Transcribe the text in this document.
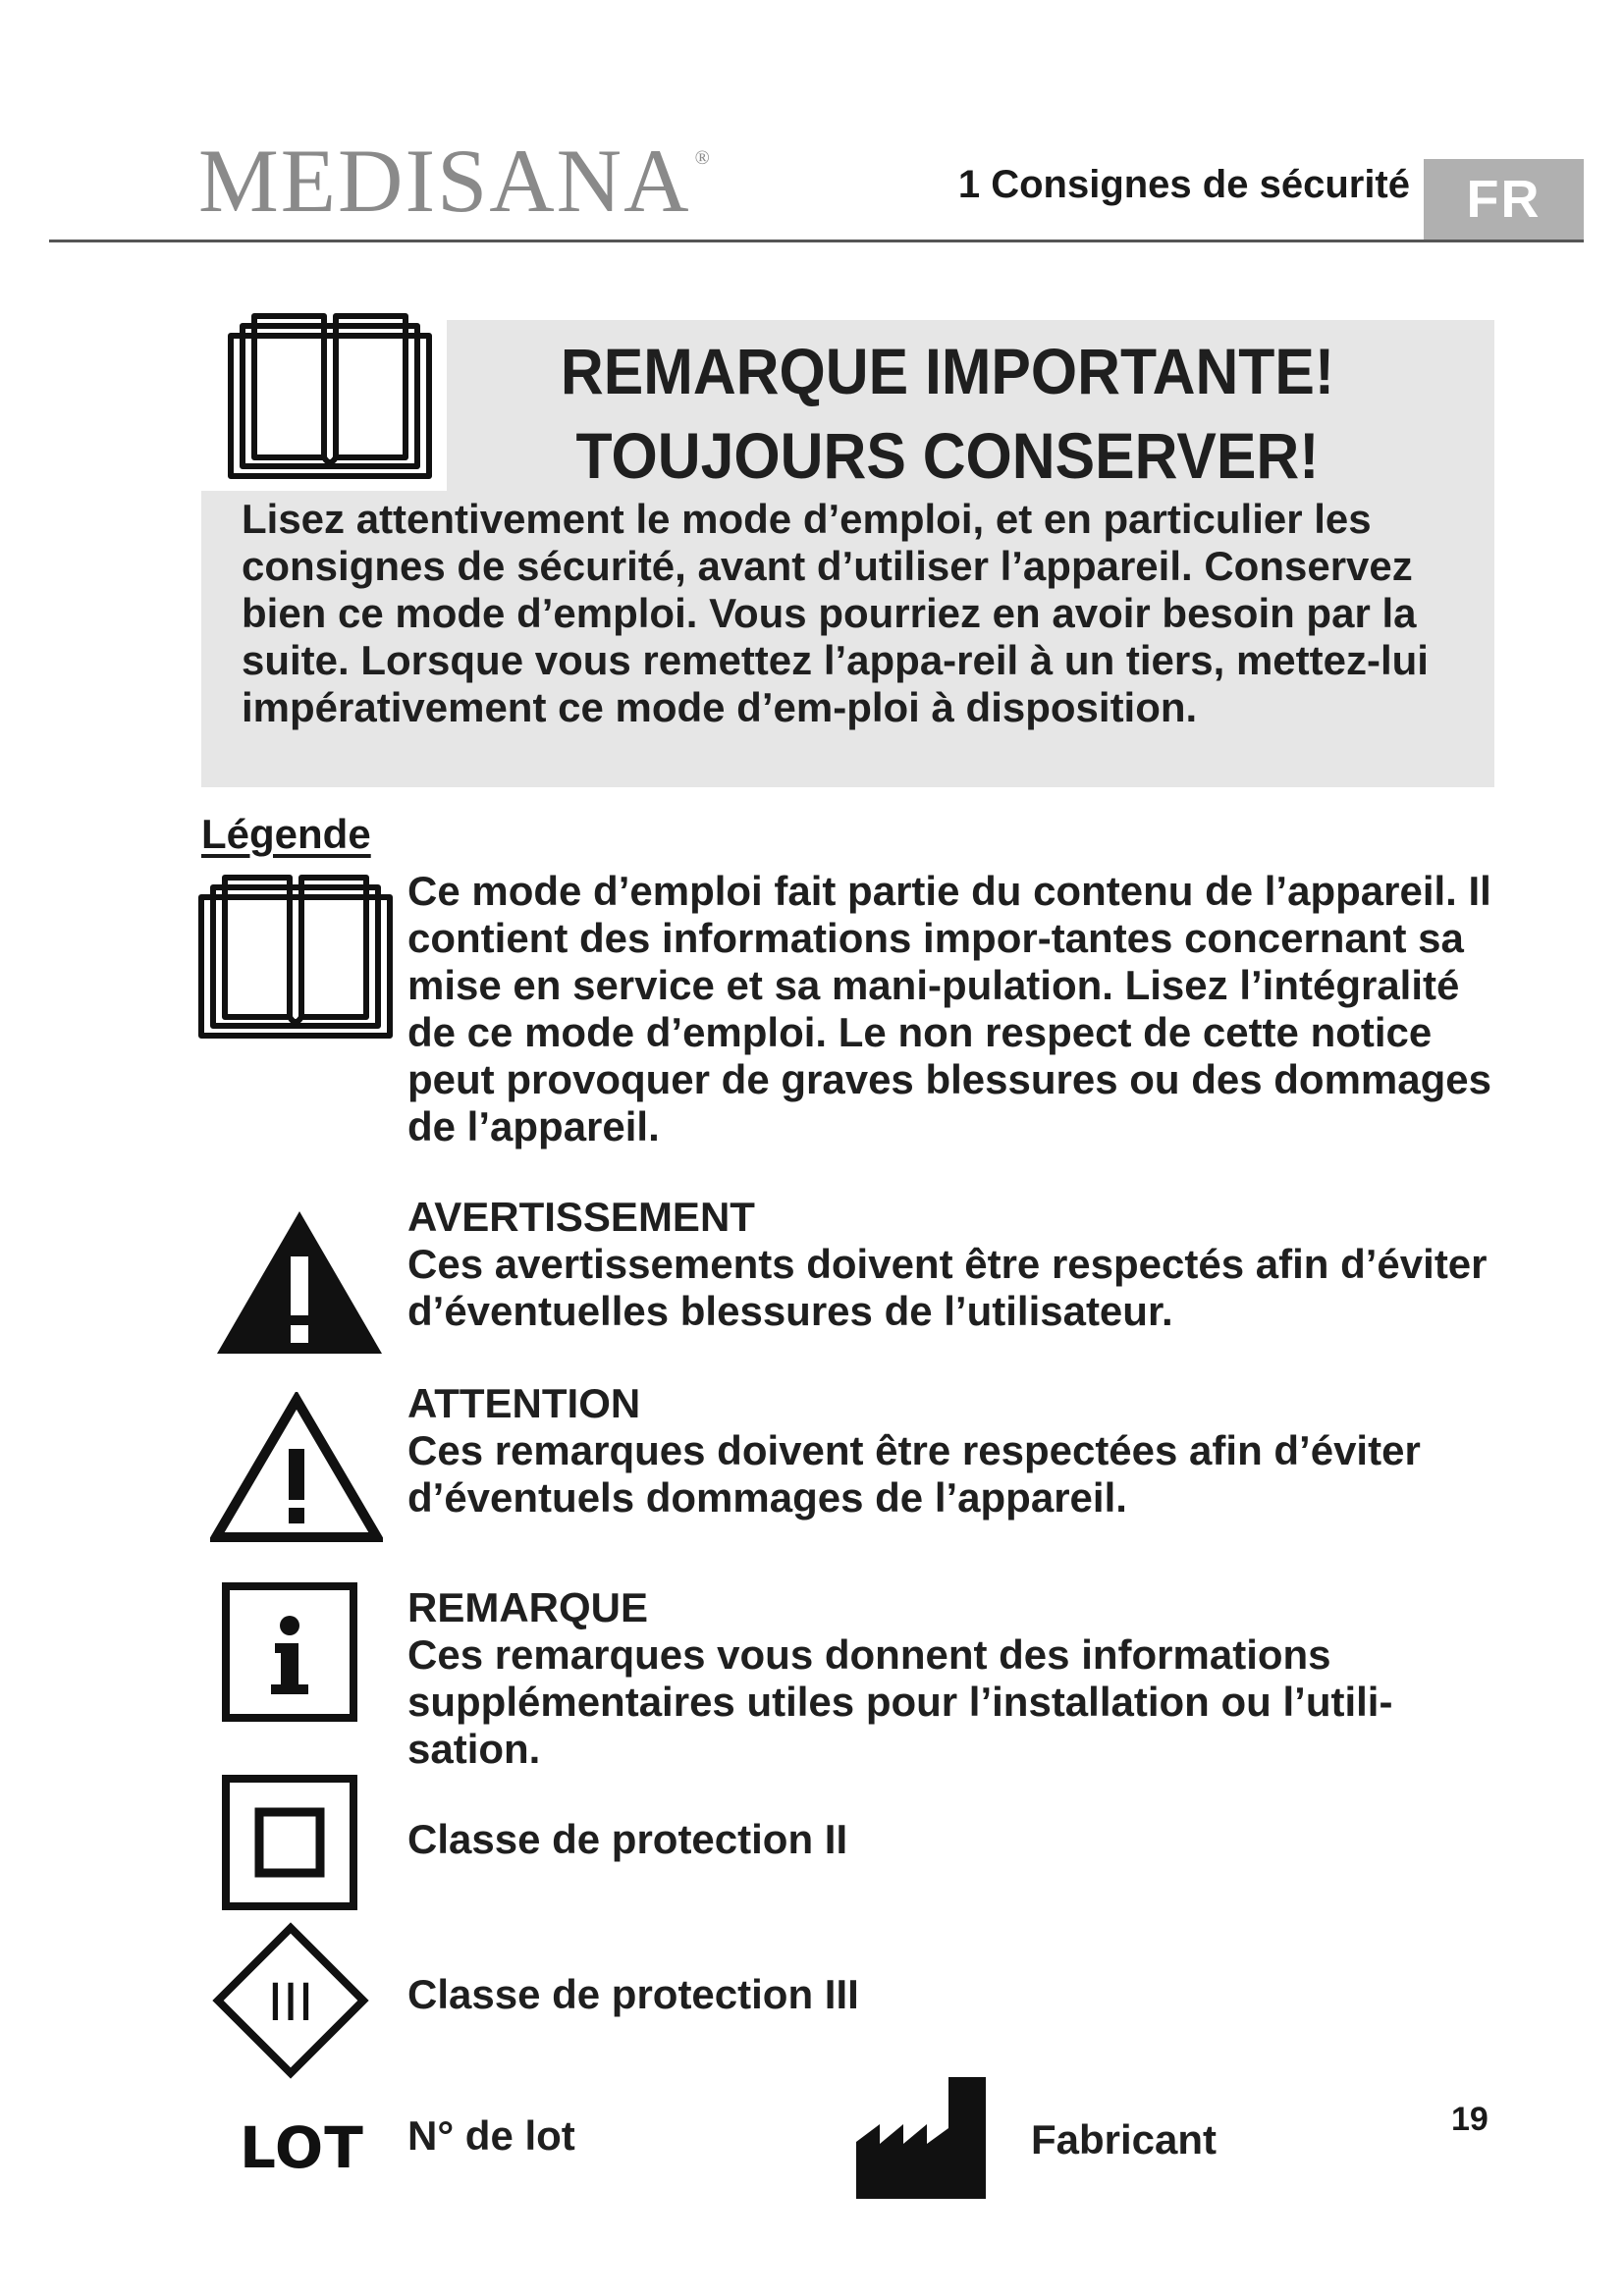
MEDISANA ®
1 Consignes de sécurité	FR
REMARQUE IMPORTANTE!
TOUJOURS CONSERVER!
Lisez attentivement le mode d’emploi, et en particulier les consignes de sécurité, avant d’utiliser l’appareil. Conservez bien ce mode d’emploi. Vous pourriez en avoir besoin par la suite. Lorsque vous remettez l’appa-reil à un tiers, mettez-lui impérativement ce mode d’em-ploi à disposition.
Légende
Ce mode d’emploi fait partie du contenu de l’appareil. Il contient des informations impor-tantes concernant sa mise en service et sa mani-pulation. Lisez l’intégralité de ce mode d’emploi. Le non respect de cette notice peut provoquer de graves blessures ou des dommages de l’appareil.
AVERTISSEMENT
Ces avertissements doivent être respectés afin d’éviter d’éventuelles blessures de l’utilisateur.
ATTENTION
Ces remarques doivent être respectées afin d’éviter d’éventuels dommages de l’appareil.
REMARQUE
Ces remarques vous donnent des informations supplémentaires utiles pour l’installation ou l’utili-sation.
Classe de protection II
III Classe de protection III
LOT N° de lot	Fabricant	19
